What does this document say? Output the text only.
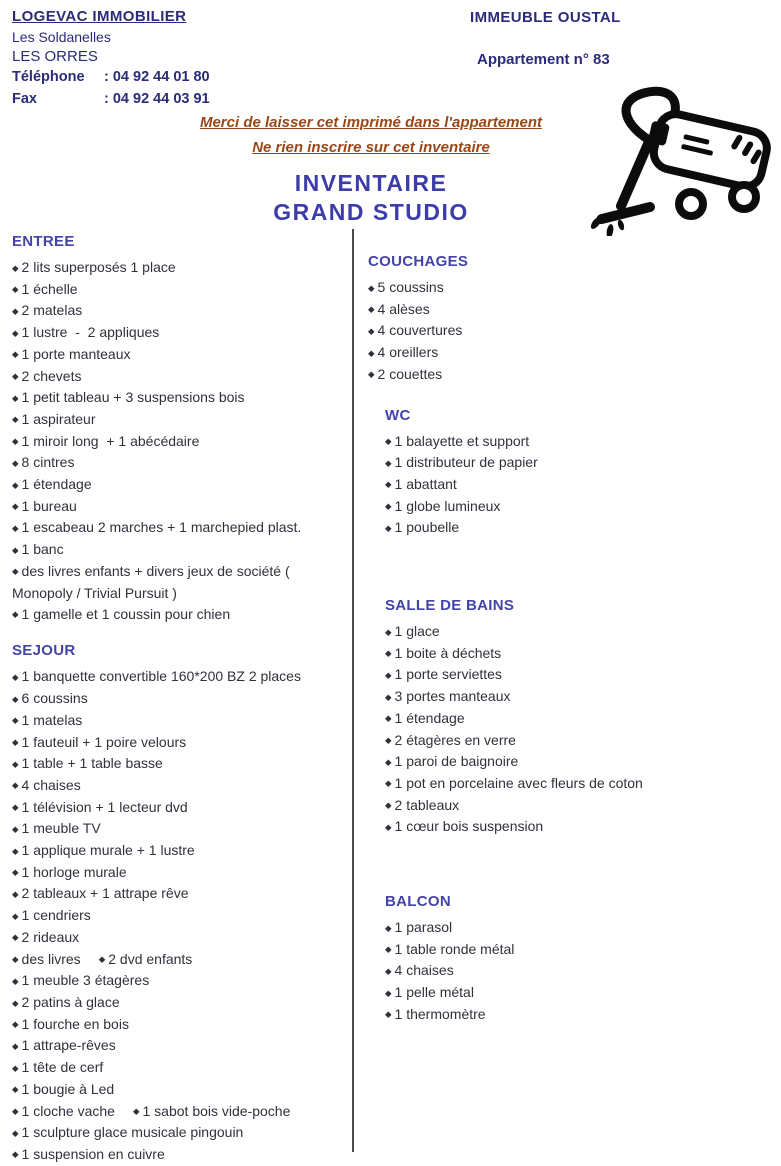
LOGEVAC IMMOBILIER
Les Soldanelles
LES ORRES
Téléphone	: 04 92 44 01 80
Fax	: 04 92 44 03 91
IMMEUBLE OUSTAL
Appartement n° 83
Merci de laisser cet imprimé dans l'appartement
Ne rien inscrire sur cet inventaire
INVENTAIRE
GRAND STUDIO
ENTREE
◆ 2 lits superposés 1 place
◆ 1 échelle
◆ 2 matelas
◆ 1 lustre  -  2 appliques
◆ 1 porte manteaux
◆ 2 chevets
◆ 1 petit tableau + 3 suspensions bois
◆ 1 aspirateur
◆ 1 miroir long  + 1 abécédaire
◆ 8 cintres
◆ 1 étendage
◆ 1 bureau
◆ 1 escabeau 2 marches + 1 marchepied plast.
◆ 1 banc
◆ des livres enfants + divers jeux de société (
Monopoly / Trivial Pursuit )
◆ 1 gamelle et 1 coussin pour chien
SEJOUR
◆ 1 banquette convertible 160*200 BZ 2 places
◆ 6 coussins
◆ 1 matelas
◆ 1 fauteuil + 1 poire velours
◆ 1 table + 1 table basse
◆ 4 chaises
◆ 1 télévision + 1 lecteur dvd
◆ 1 meuble TV
◆ 1 applique murale + 1 lustre
◆ 1 horloge murale
◆ 2 tableaux + 1 attrape rêve
◆ 1 cendriers
◆ 2 rideaux
◆ des livres ◆ 2 dvd enfants
◆ 1 meuble 3 étagères
◆ 2 patins à glace
◆ 1 fourche en bois
◆ 1 attrape-rêves
◆ 1 tête de cerf
◆ 1 bougie à Led
◆ 1 cloche vache ◆ 1 sabot bois vide-poche
◆ 1 sculpture glace musicale pingouin
◆ 1 suspension en cuivre
COUCHAGES
◆ 5 coussins
◆ 4 alèses
◆ 4 couvertures
◆ 4 oreillers
◆ 2 couettes
WC
◆ 1 balayette et support
◆ 1 distributeur de papier
◆ 1 abattant
◆ 1 globe lumineux
◆ 1 poubelle
SALLE DE BAINS
◆ 1 glace
◆ 1 boite à déchets
◆ 1 porte serviettes
◆ 3 portes manteaux
◆ 1 étendage
◆ 2 étagères en verre
◆ 1 paroi de baignoire
◆ 1 pot en porcelaine avec fleurs de coton
◆ 2 tableaux
◆ 1 cœur bois suspension
BALCON
◆ 1 parasol
◆ 1 table ronde métal
◆ 4 chaises
◆ 1 pelle métal
◆ 1 thermomètre
